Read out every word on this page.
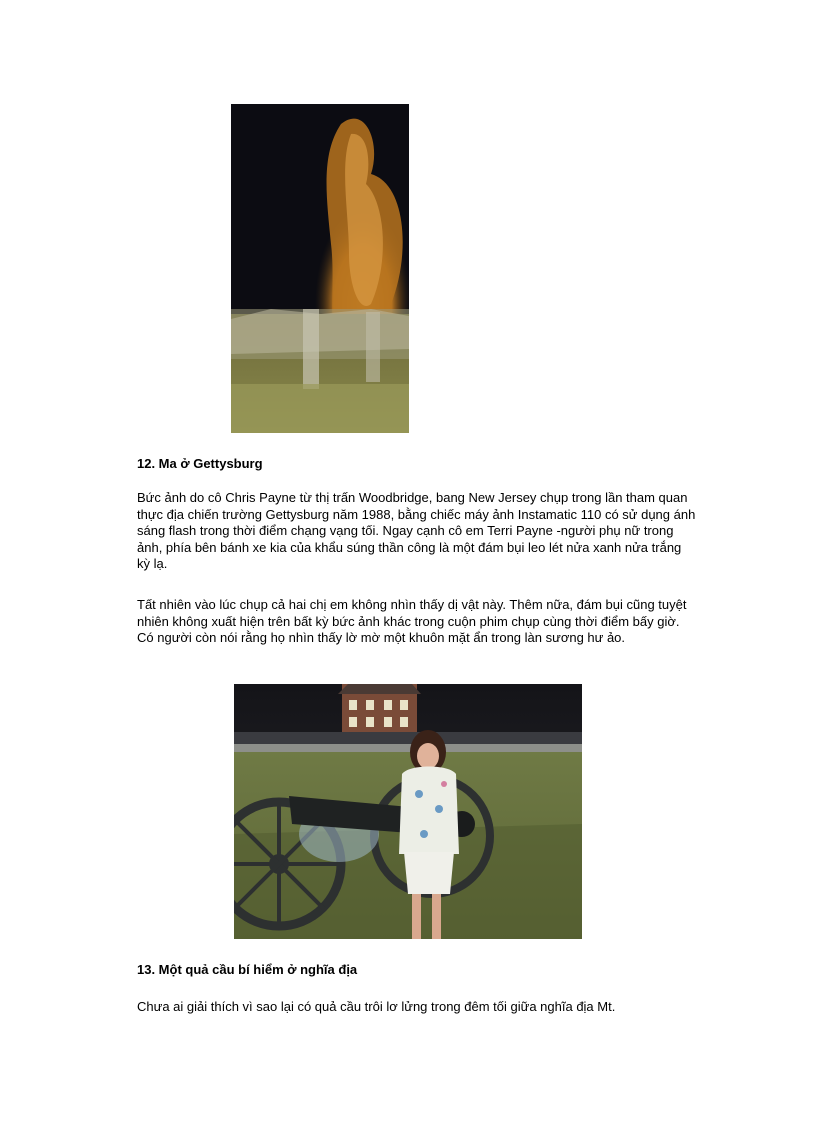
12. Ma ở Gettysburg

Bức ảnh do cô Chris Payne từ thị trấn Woodbridge, bang New Jersey chụp trong lần tham quan thực địa chiến trường Gettysburg năm 1988, bằng chiếc máy ảnh Instamatic 110 có sử dụng ánh sáng flash trong thời điểm chạng vạng tối. Ngay cạnh cô em Terri Payne -người phụ nữ trong ảnh, phía bên bánh xe kia của khẩu súng thần công là một đám bụi leo lét nửa xanh nửa trắng kỳ lạ.

Tất nhiên vào lúc chụp cả hai chị em không nhìn thấy dị vật này. Thêm nữa, đám bụi cũng tuyệt nhiên không xuất hiện trên bất kỳ bức ảnh khác trong cuộn phim chụp cùng thời điểm bấy giờ. Có người còn nói rằng họ nhìn thấy lờ mờ một khuôn mặt ẩn trong làn sương hư ảo.

13. Một quả cầu bí hiểm ở nghĩa địa

Chưa ai giải thích vì sao lại có quả cầu trôi lơ lửng trong đêm tối giữa nghĩa địa Mt.
